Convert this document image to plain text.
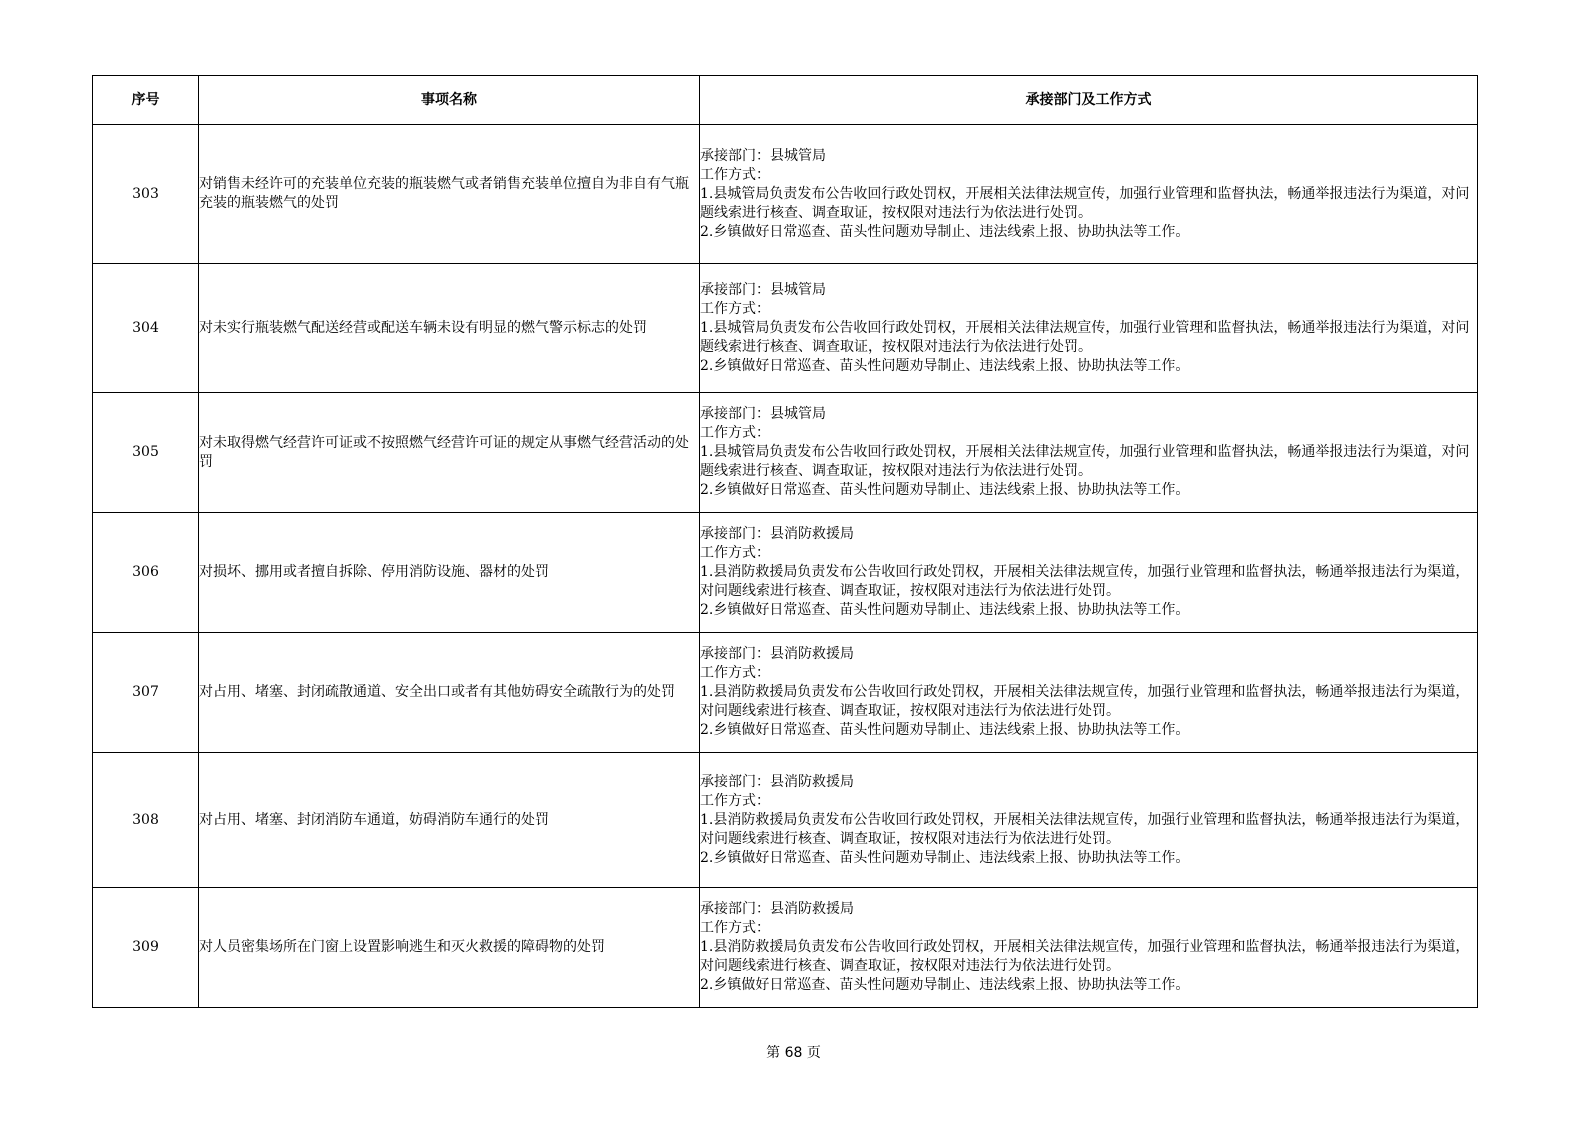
序号	事项名称	承接部门及工作方式
303	对销售未经许可的充装单位充装的瓶装燃气或者销售充装单位擅自为非自有气瓶充装的瓶装燃气的处罚	承接部门：县城管局
工作方式：
1.县城管局负责发布公告收回行政处罚权，开展相关法律法规宣传，加强行业管理和监督执法，畅通举报违法行为渠道，对问题线索进行核查、调查取证，按权限对违法行为依法进行处罚。
2.乡镇做好日常巡查、苗头性问题劝导制止、违法线索上报、协助执法等工作。

304	对未实行瓶装燃气配送经营或配送车辆未设有明显的燃气警示标志的处罚	承接部门：县城管局
工作方式：
1.县城管局负责发布公告收回行政处罚权，开展相关法律法规宣传，加强行业管理和监督执法，畅通举报违法行为渠道，对问题线索进行核查、调查取证，按权限对违法行为依法进行处罚。
2.乡镇做好日常巡查、苗头性问题劝导制止、违法线索上报、协助执法等工作。

305	对未取得燃气经营许可证或不按照燃气经营许可证的规定从事燃气经营活动的处罚	承接部门：县城管局
工作方式：
1.县城管局负责发布公告收回行政处罚权，开展相关法律法规宣传，加强行业管理和监督执法，畅通举报违法行为渠道，对问题线索进行核查、调查取证，按权限对违法行为依法进行处罚。
2.乡镇做好日常巡查、苗头性问题劝导制止、违法线索上报、协助执法等工作。

306	对损坏、挪用或者擅自拆除、停用消防设施、器材的处罚	承接部门：县消防救援局
工作方式：
1.县消防救援局负责发布公告收回行政处罚权，开展相关法律法规宣传，加强行业管理和监督执法，畅通举报违法行为渠道，对问题线索进行核查、调查取证，按权限对违法行为依法进行处罚。
2.乡镇做好日常巡查、苗头性问题劝导制止、违法线索上报、协助执法等工作。

307	对占用、堵塞、封闭疏散通道、安全出口或者有其他妨碍安全疏散行为的处罚	承接部门：县消防救援局
工作方式：
1.县消防救援局负责发布公告收回行政处罚权，开展相关法律法规宣传，加强行业管理和监督执法，畅通举报违法行为渠道，对问题线索进行核查、调查取证，按权限对违法行为依法进行处罚。
2.乡镇做好日常巡查、苗头性问题劝导制止、违法线索上报、协助执法等工作。

308	对占用、堵塞、封闭消防车通道，妨碍消防车通行的处罚	承接部门：县消防救援局
工作方式：
1.县消防救援局负责发布公告收回行政处罚权，开展相关法律法规宣传，加强行业管理和监督执法，畅通举报违法行为渠道，对问题线索进行核查、调查取证，按权限对违法行为依法进行处罚。
2.乡镇做好日常巡查、苗头性问题劝导制止、违法线索上报、协助执法等工作。

309	对人员密集场所在门窗上设置影响逃生和灭火救援的障碍物的处罚	承接部门：县消防救援局
工作方式：
1.县消防救援局负责发布公告收回行政处罚权，开展相关法律法规宣传，加强行业管理和监督执法，畅通举报违法行为渠道，对问题线索进行核查、调查取证，按权限对违法行为依法进行处罚。
2.乡镇做好日常巡查、苗头性问题劝导制止、违法线索上报、协助执法等工作。
第 68 页
